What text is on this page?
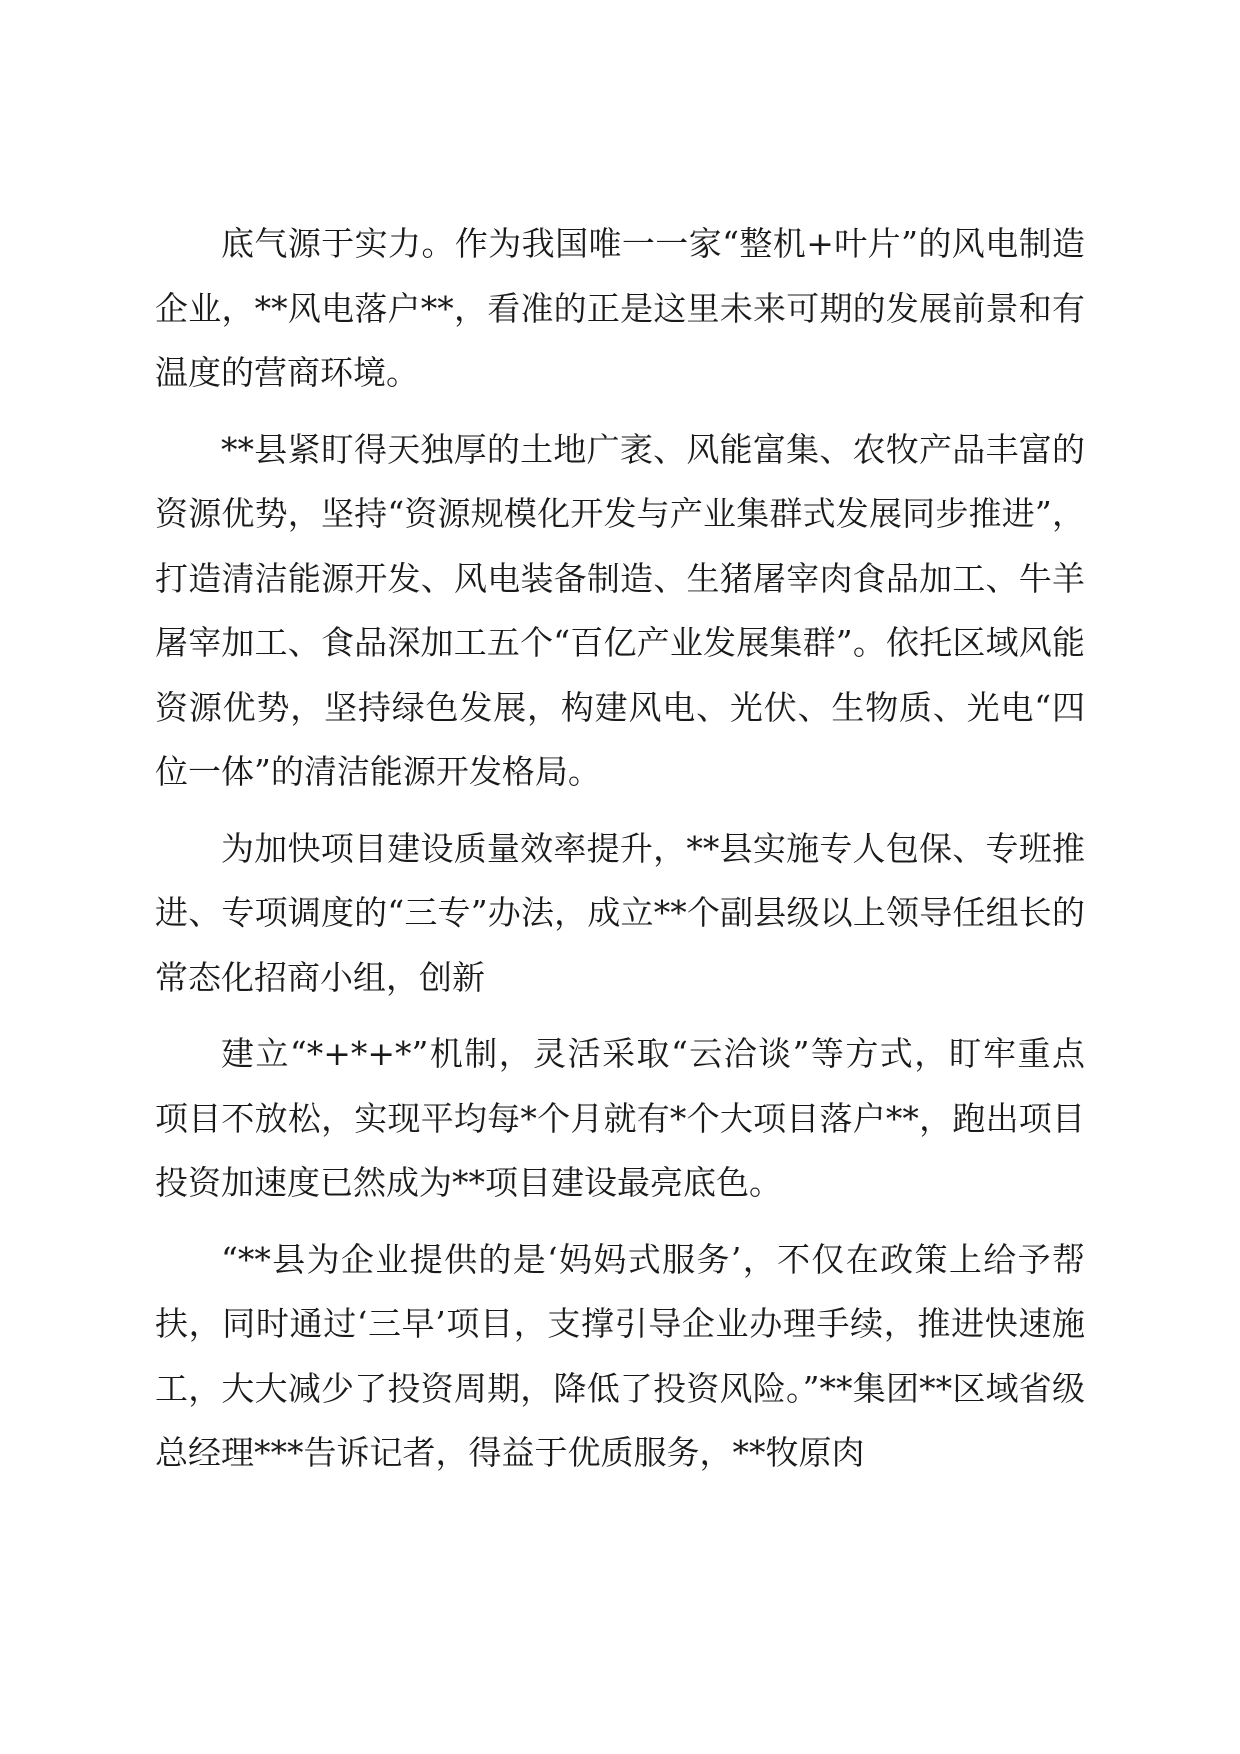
底气源于实力。作为我国唯一一家“整机+叶片”的风电制造企业，**风电落户**，看准的正是这里未来可期的发展前景和有温度的营商环境。

**县紧盯得天独厚的土地广袤、风能富集、农牧产品丰富的资源优势，坚持“资源规模化开发与产业集群式发展同步推进”，打造清洁能源开发、风电装备制造、生猪屠宰肉食品加工、牛羊屠宰加工、食品深加工五个“百亿产业发展集群”。依托区域风能资源优势，坚持绿色发展，构建风电、光伏、生物质、光电“四位一体”的清洁能源开发格局。

为加快项目建设质量效率提升，**县实施专人包保、专班推进、专项调度的“三专”办法，成立**个副县级以上领导任组长的常态化招商小组，创新

建立“*+*+*”机制，灵活采取“云洽谈”等方式，盯牢重点项目不放松，实现平均每*个月就有*个大项目落户**，跑出项目投资加速度已然成为**项目建设最亮底色。

“**县为企业提供的是‘妈妈式服务’，不仅在政策上给予帮扶，同时通过‘三早’项目，支撑引导企业办理手续，推进快速施工，大大减少了投资周期，降低了投资风险。”**集团**区域省级总经理***告诉记者，得益于优质服务，**牧原肉
